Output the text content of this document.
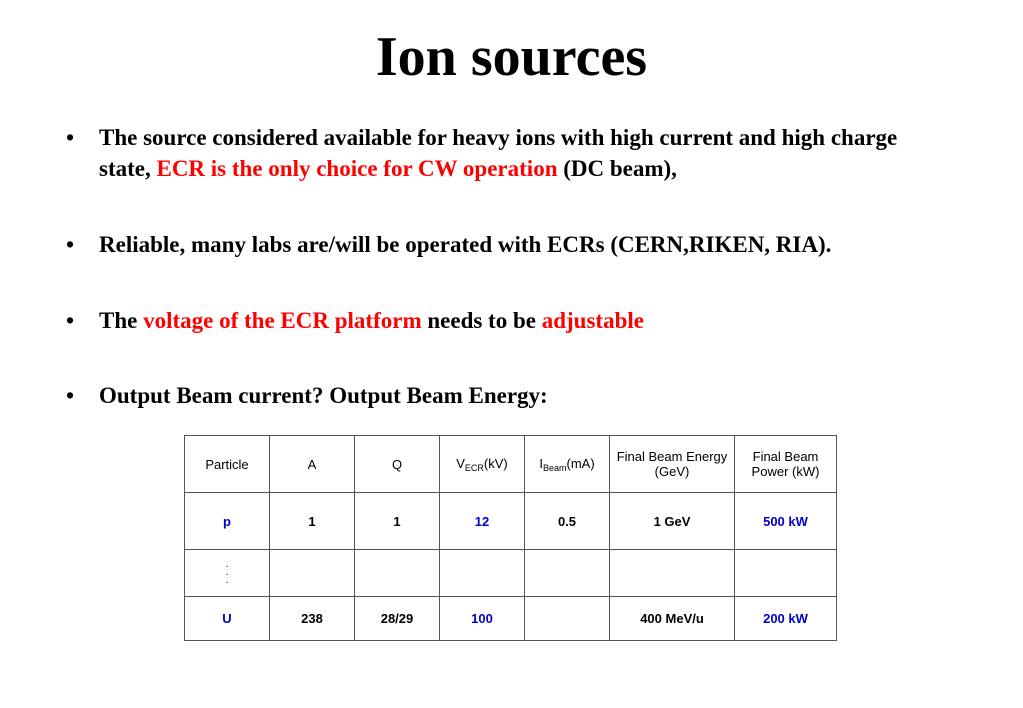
Ion sources
•	The source considered available for heavy ions with high current and high charge state, ECR is the only choice for CW operation (DC beam),
•	Reliable, many labs are/will be operated with ECRs (CERN,RIKEN, RIA).
•	The voltage of the ECR platform needs to be adjustable
•	Output Beam current? Output Beam Energy:
Particle	A	Q	$V_{ECR}(kV)$	$I_{Beam}(mA)$	Final Beam Energy (GeV)	Final Beam Power (kW)
p	1	1	12	0.5	1 GeV	500 kW

. . .						

U	238	28/29	100		400 MeV/u	200 kW
